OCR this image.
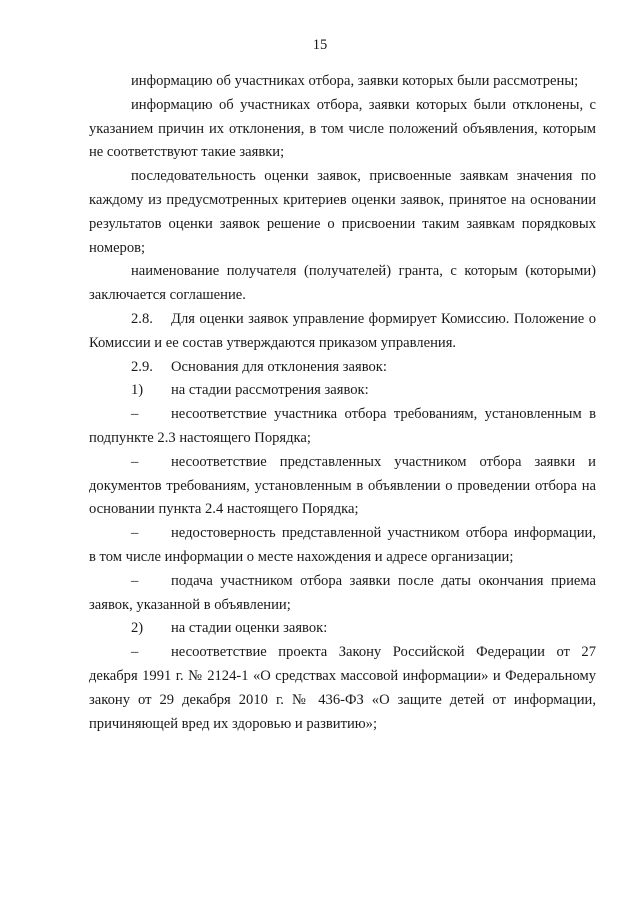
15

информацию об участниках отбора, заявки которых были рассмотрены;

информацию об участниках отбора, заявки которых были отклонены, с указанием причин их отклонения, в том числе положений объявления, которым не соответствуют такие заявки;

последовательность оценки заявок, присвоенные заявкам значения по каждому из предусмотренных критериев оценки заявок, принятое на основании результатов оценки заявок решение о присвоении таким заявкам порядковых номеров;

наименование получателя (получателей) гранта, с которым (которыми) заключается соглашение.

2.8. Для оценки заявок управление формирует Комиссию. Положение о Комиссии и ее состав утверждаются приказом управления.

2.9. Основания для отклонения заявок:

1) на стадии рассмотрения заявок:

– несоответствие участника отбора требованиям, установленным в подпункте 2.3 настоящего Порядка;

– несоответствие представленных участником отбора заявки и документов требованиям, установленным в объявлении о проведении отбора на основании пункта 2.4 настоящего Порядка;

– недостоверность представленной участником отбора информации, в том числе информации о месте нахождения и адресе организации;

– подача участником отбора заявки после даты окончания приема заявок, указанной в объявлении;

2) на стадии оценки заявок:

– несоответствие проекта Закону Российской Федерации от 27 декабря 1991 г. № 2124-1 «О средствах массовой информации» и Федеральному закону от 29 декабря 2010 г. № 436-ФЗ «О защите детей от информации, причиняющей вред их здоровью и развитию»;
